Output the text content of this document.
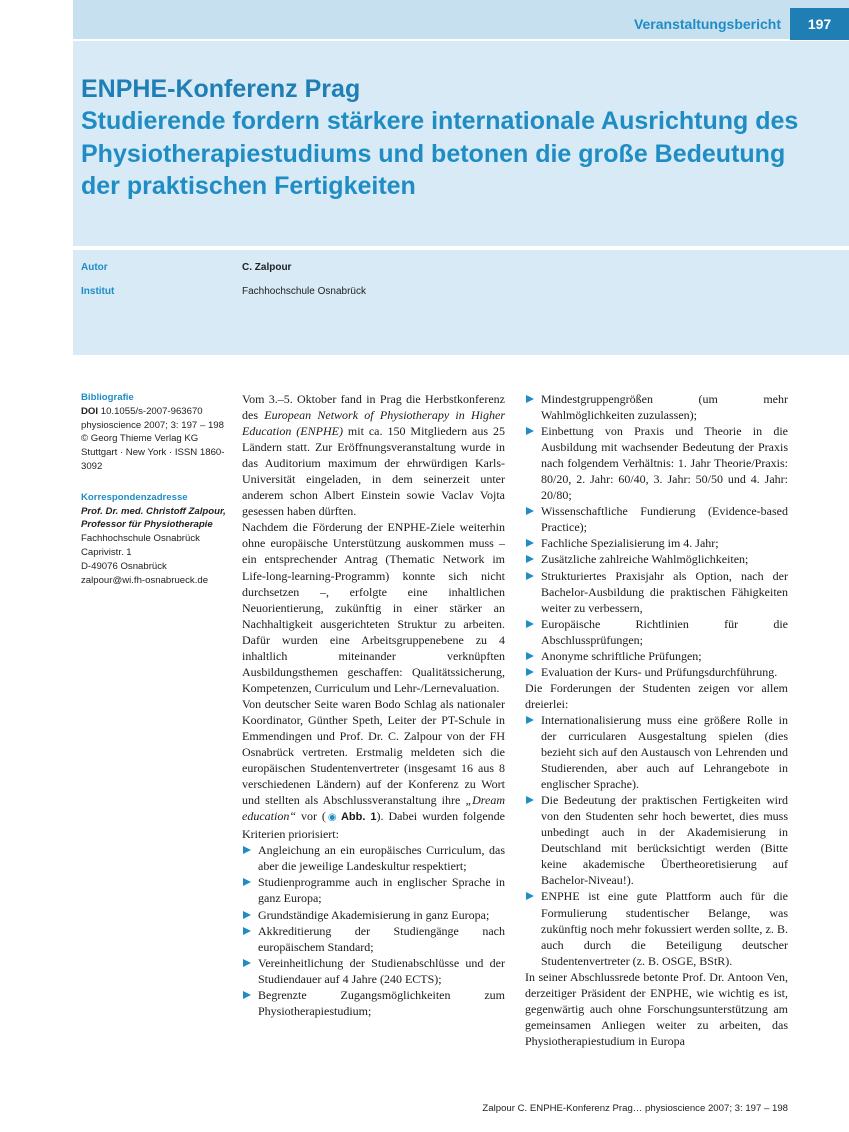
Veranstaltungsbericht	197
ENPHE-Konferenz Prag
Studierende fordern stärkere internationale Ausrichtung des Physiotherapiestudiums und betonen die große Bedeutung der praktischen Fertigkeiten
Autor	C. Zalpour
Institut	Fachhochschule Osnabrück
Bibliografie
DOI 10.1055/s-2007-963670
physioscience 2007; 3: 197 – 198 © Georg Thieme Verlag KG Stuttgart · New York · ISSN 1860-3092
Korrespondenzadresse
Prof. Dr. med. Christoff Zalpour, Professor für Physiotherapie
Fachhochschule Osnabrück
Caprivistr. 1
D-49076 Osnabrück
zalpour@wi.fh-osnabrueck.de

Vom 3.–5. Oktober fand in Prag die Herbstkonferenz des European Network of Physiotherapy in Higher Education (ENPHE) mit ca. 150 Mitgliedern aus 25 Ländern statt. Zur Eröffnungsveranstaltung wurde in das Auditorium maximum der ehrwürdigen Karls-Universität eingeladen, in dem seinerzeit unter anderem schon Albert Einstein sowie Vaclav Vojta gesessen haben dürften.

Nachdem die Förderung der ENPHE-Ziele weiterhin ohne europäische Unterstützung auskommen muss – ein entsprechender Antrag (Thematic Network im Life-long-learning-Programm) konnte sich nicht durchsetzen –, erfolgte eine inhaltlichen Neuorientierung, zukünftig in einer stärker an Nachhaltigkeit ausgerichteten Struktur zu arbeiten. Dafür wurden eine Arbeitsgruppenebene zu 4 inhaltlich miteinander verknüpften Ausbildungsthemen geschaffen: Qualitätssicherung, Kompetenzen, Curriculum und Lehr-/Lernevaluation.

Von deutscher Seite waren Bodo Schlag als nationaler Koordinator, Günther Speth, Leiter der PT-Schule in Emmendingen und Prof. Dr. C. Zalpour von der FH Osnabrück vertreten. Erstmalig meldeten sich die europäischen Studentenvertreter (insgesamt 16 aus 8 verschiedenen Ländern) auf der Konferenz zu Wort und stellten als Abschlussveranstaltung ihre „Dream education“ vor (◉  Abb. 1). Dabei wurden folgende Kriterien priorisiert:

Angleichung an ein europäisches Curriculum, das aber die jeweilige Landeskultur respektiert;
Studienprogramme auch in englischer Sprache in ganz Europa;
Grundständige Akademisierung in ganz Europa;
Akkreditierung der Studiengänge nach europäischem Standard;
Vereinheitlichung der Studienabschlüsse und der Studiendauer auf 4 Jahre (240 ECTS);
Begrenzte Zugangsmöglichkeiten zum Physiotherapiestudium;
Mindestgruppengrößen (um mehr Wahlmöglichkeiten zuzulassen);
Einbettung von Praxis und Theorie in die Ausbildung mit wachsender Bedeutung der Praxis nach folgendem Verhältnis: 1. Jahr Theorie/Praxis: 80/20, 2. Jahr: 60/40, 3. Jahr: 50/50 und 4. Jahr: 20/80;
Wissenschaftliche Fundierung (Evidence-based Practice);
Fachliche Spezialisierung im 4. Jahr;
Zusätzliche zahlreiche Wahlmöglichkeiten;
Strukturiertes Praxisjahr als Option, nach der Bachelor-Ausbildung die praktischen Fähigkeiten weiter zu verbessern,
Europäische Richtlinien für die Abschlussprüfungen;
Anonyme schriftliche Prüfungen;
Evaluation der Kurs- und Prüfungsdurchführung.

Die Forderungen der Studenten zeigen vor allem dreierlei:

Internationalisierung muss eine größere Rolle in der curricularen Ausgestaltung spielen (dies bezieht sich auf den Austausch von Lehrenden und Studierenden, aber auch auf Lehrangebote in englischer Sprache).
Die Bedeutung der praktischen Fertigkeiten wird von den Studenten sehr hoch bewertet, dies muss unbedingt auch in der Akademisierung in Deutschland mit berücksichtigt werden (Bitte keine akademische Übertheoretisierung auf Bachelor-Niveau!).
ENPHE ist eine gute Plattform auch für die Formulierung studentischer Belange, was zukünftig noch mehr fokussiert werden sollte, z. B. auch durch die Beteiligung deutscher Studentenvertreter (z. B. OSGE, BStR).

In seiner Abschlussrede betonte Prof. Dr. Antoon Ven, derzeitiger Präsident der ENPHE, wie wichtig es ist, gegenwärtig auch ohne Forschungsunterstützung am gemeinsamen Anliegen weiter zu arbeiten, das Physiotherapiestudium in Europa

Zalpour C. ENPHE-Konferenz Prag… physioscience 2007; 3: 197 – 198
